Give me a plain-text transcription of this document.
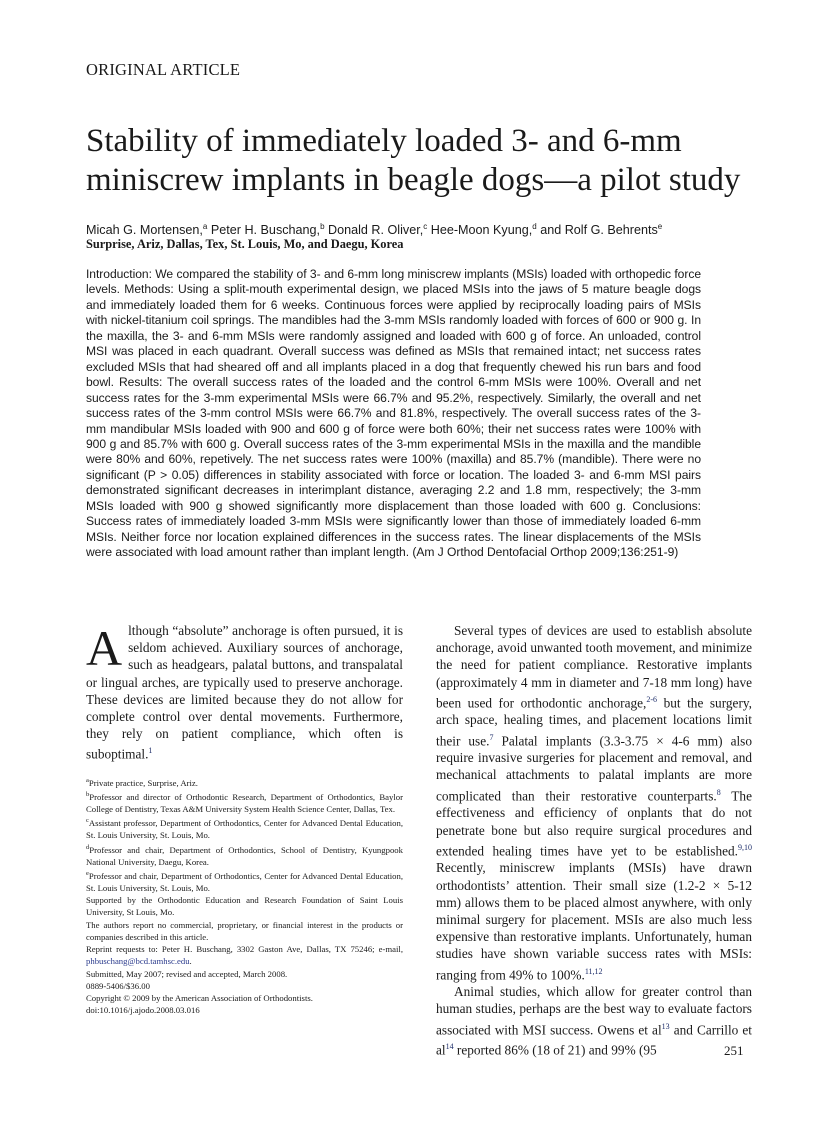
ORIGINAL ARTICLE
Stability of immediately loaded 3- and 6-mm miniscrew implants in beagle dogs—a pilot study
Micah G. Mortensen,$^a$ Peter H. Buschang,$^b$ Donald R. Oliver,$^c$ Hee-Moon Kyung,$^d$ and Rolf G. Behrents$^e$
Surprise, Ariz, Dallas, Tex, St. Louis, Mo, and Daegu, Korea

Introduction: We compared the stability of 3- and 6-mm long miniscrew implants (MSIs) loaded with orthopedic force levels. Methods: Using a split-mouth experimental design, we placed MSIs into the jaws of 5 mature beagle dogs and immediately loaded them for 6 weeks. Continuous forces were applied by reciprocally loading pairs of MSIs with nickel-titanium coil springs. The mandibles had the 3-mm MSIs randomly loaded with forces of 600 or 900 g. In the maxilla, the 3- and 6-mm MSIs were randomly assigned and loaded with 600 g of force. An unloaded, control MSI was placed in each quadrant. Overall success was defined as MSIs that remained intact; net success rates excluded MSIs that had sheared off and all implants placed in a dog that frequently chewed his run bars and food bowl. Results: The overall success rates of the loaded and the control 6-mm MSIs were 100%. Overall and net success rates for the 3-mm experimental MSIs were 66.7% and 95.2%, respectively. Similarly, the overall and net success rates of the 3-mm control MSIs were 66.7% and 81.8%, respectively. The overall success rates of the 3-mm mandibular MSIs loaded with 900 and 600 g of force were both 60%; their net success rates were 100% with 900 g and 85.7% with 600 g. Overall success rates of the 3-mm experimental MSIs in the maxilla and the mandible were 80% and 60%, repetively. The net success rates were 100% (maxilla) and 85.7% (mandible). There were no significant (P > 0.05) differences in stability associated with force or location. The loaded 3- and 6-mm MSI pairs demonstrated significant decreases in interimplant distance, averaging 2.2 and 1.8 mm, respectively; the 3-mm MSIs loaded with 900 g showed significantly more displacement than those loaded with 600 g. Conclusions: Success rates of immediately loaded 3-mm MSIs were significantly lower than those of immediately loaded 6-mm MSIs. Neither force nor location explained differences in the success rates. The linear displacements of the MSIs were associated with load amount rather than implant length. (Am J Orthod Dentofacial Orthop 2009;136:251-9)

Although “absolute” anchorage is often pursued, it is seldom achieved. Auxiliary sources of anchorage, such as headgears, palatal buttons, and transpalatal or lingual arches, are typically used to preserve anchorage. These devices are limited because they do not allow for complete control over dental movements. Furthermore, they rely on patient compliance, which often is suboptimal.$^1$

$^a$Private practice, Surprise, Ariz.

$^b$Professor and director of Orthodontic Research, Department of Orthodontics, Baylor College of Dentistry, Texas A&M University System Health Science Center, Dallas, Tex.

$^c$Assistant professor, Department of Orthodontics, Center for Advanced Dental Education, St. Louis University, St. Louis, Mo.

$^d$Professor and chair, Department of Orthodontics, School of Dentistry, Kyungpook National University, Daegu, Korea.

$^e$Professor and chair, Department of Orthodontics, Center for Advanced Dental Education, St. Louis University, St. Louis, Mo.

Supported by the Orthodontic Education and Research Foundation of Saint Louis University, St Louis, Mo.

The authors report no commercial, proprietary, or financial interest in the products or companies described in this article.

Reprint requests to: Peter H. Buschang, 3302 Gaston Ave, Dallas, TX 75246; e-mail, phbuschang@bcd.tamhsc.edu.

Submitted, May 2007; revised and accepted, March 2008.

0889-5406/$36.00

Copyright © 2009 by the American Association of Orthodontists.

doi:10.1016/j.ajodo.2008.03.016

Several types of devices are used to establish absolute anchorage, avoid unwanted tooth movement, and minimize the need for patient compliance. Restorative implants (approximately 4 mm in diameter and 7-18 mm long) have been used for orthodontic anchorage,$^{2-6}$ but the surgery, arch space, healing times, and placement locations limit their use.$^7$ Palatal implants (3.3-3.75 × 4-6 mm) also require invasive surgeries for placement and removal, and mechanical attachments to palatal implants are more complicated than their restorative counterparts.$^8$ The effectiveness and efficiency of onplants that do not penetrate bone but also require surgical procedures and extended healing times have yet to be established.$^{9,10}$ Recently, miniscrew implants (MSIs) have drawn orthodontists’ attention. Their small size (1.2-2 × 5-12 mm) allows them to be placed almost anywhere, with only minimal surgery for placement. MSIs are also much less expensive than restorative implants. Unfortunately, human studies have shown variable success rates with MSIs: ranging from 49% to 100%.$^{11,12}$

Animal studies, which allow for greater control than human studies, perhaps are the best way to evaluate factors associated with MSI success. Owens et $al^{13}$ and Carrillo et $al^{14}$ reported 86% (18 of 21) and 99% (95	251
